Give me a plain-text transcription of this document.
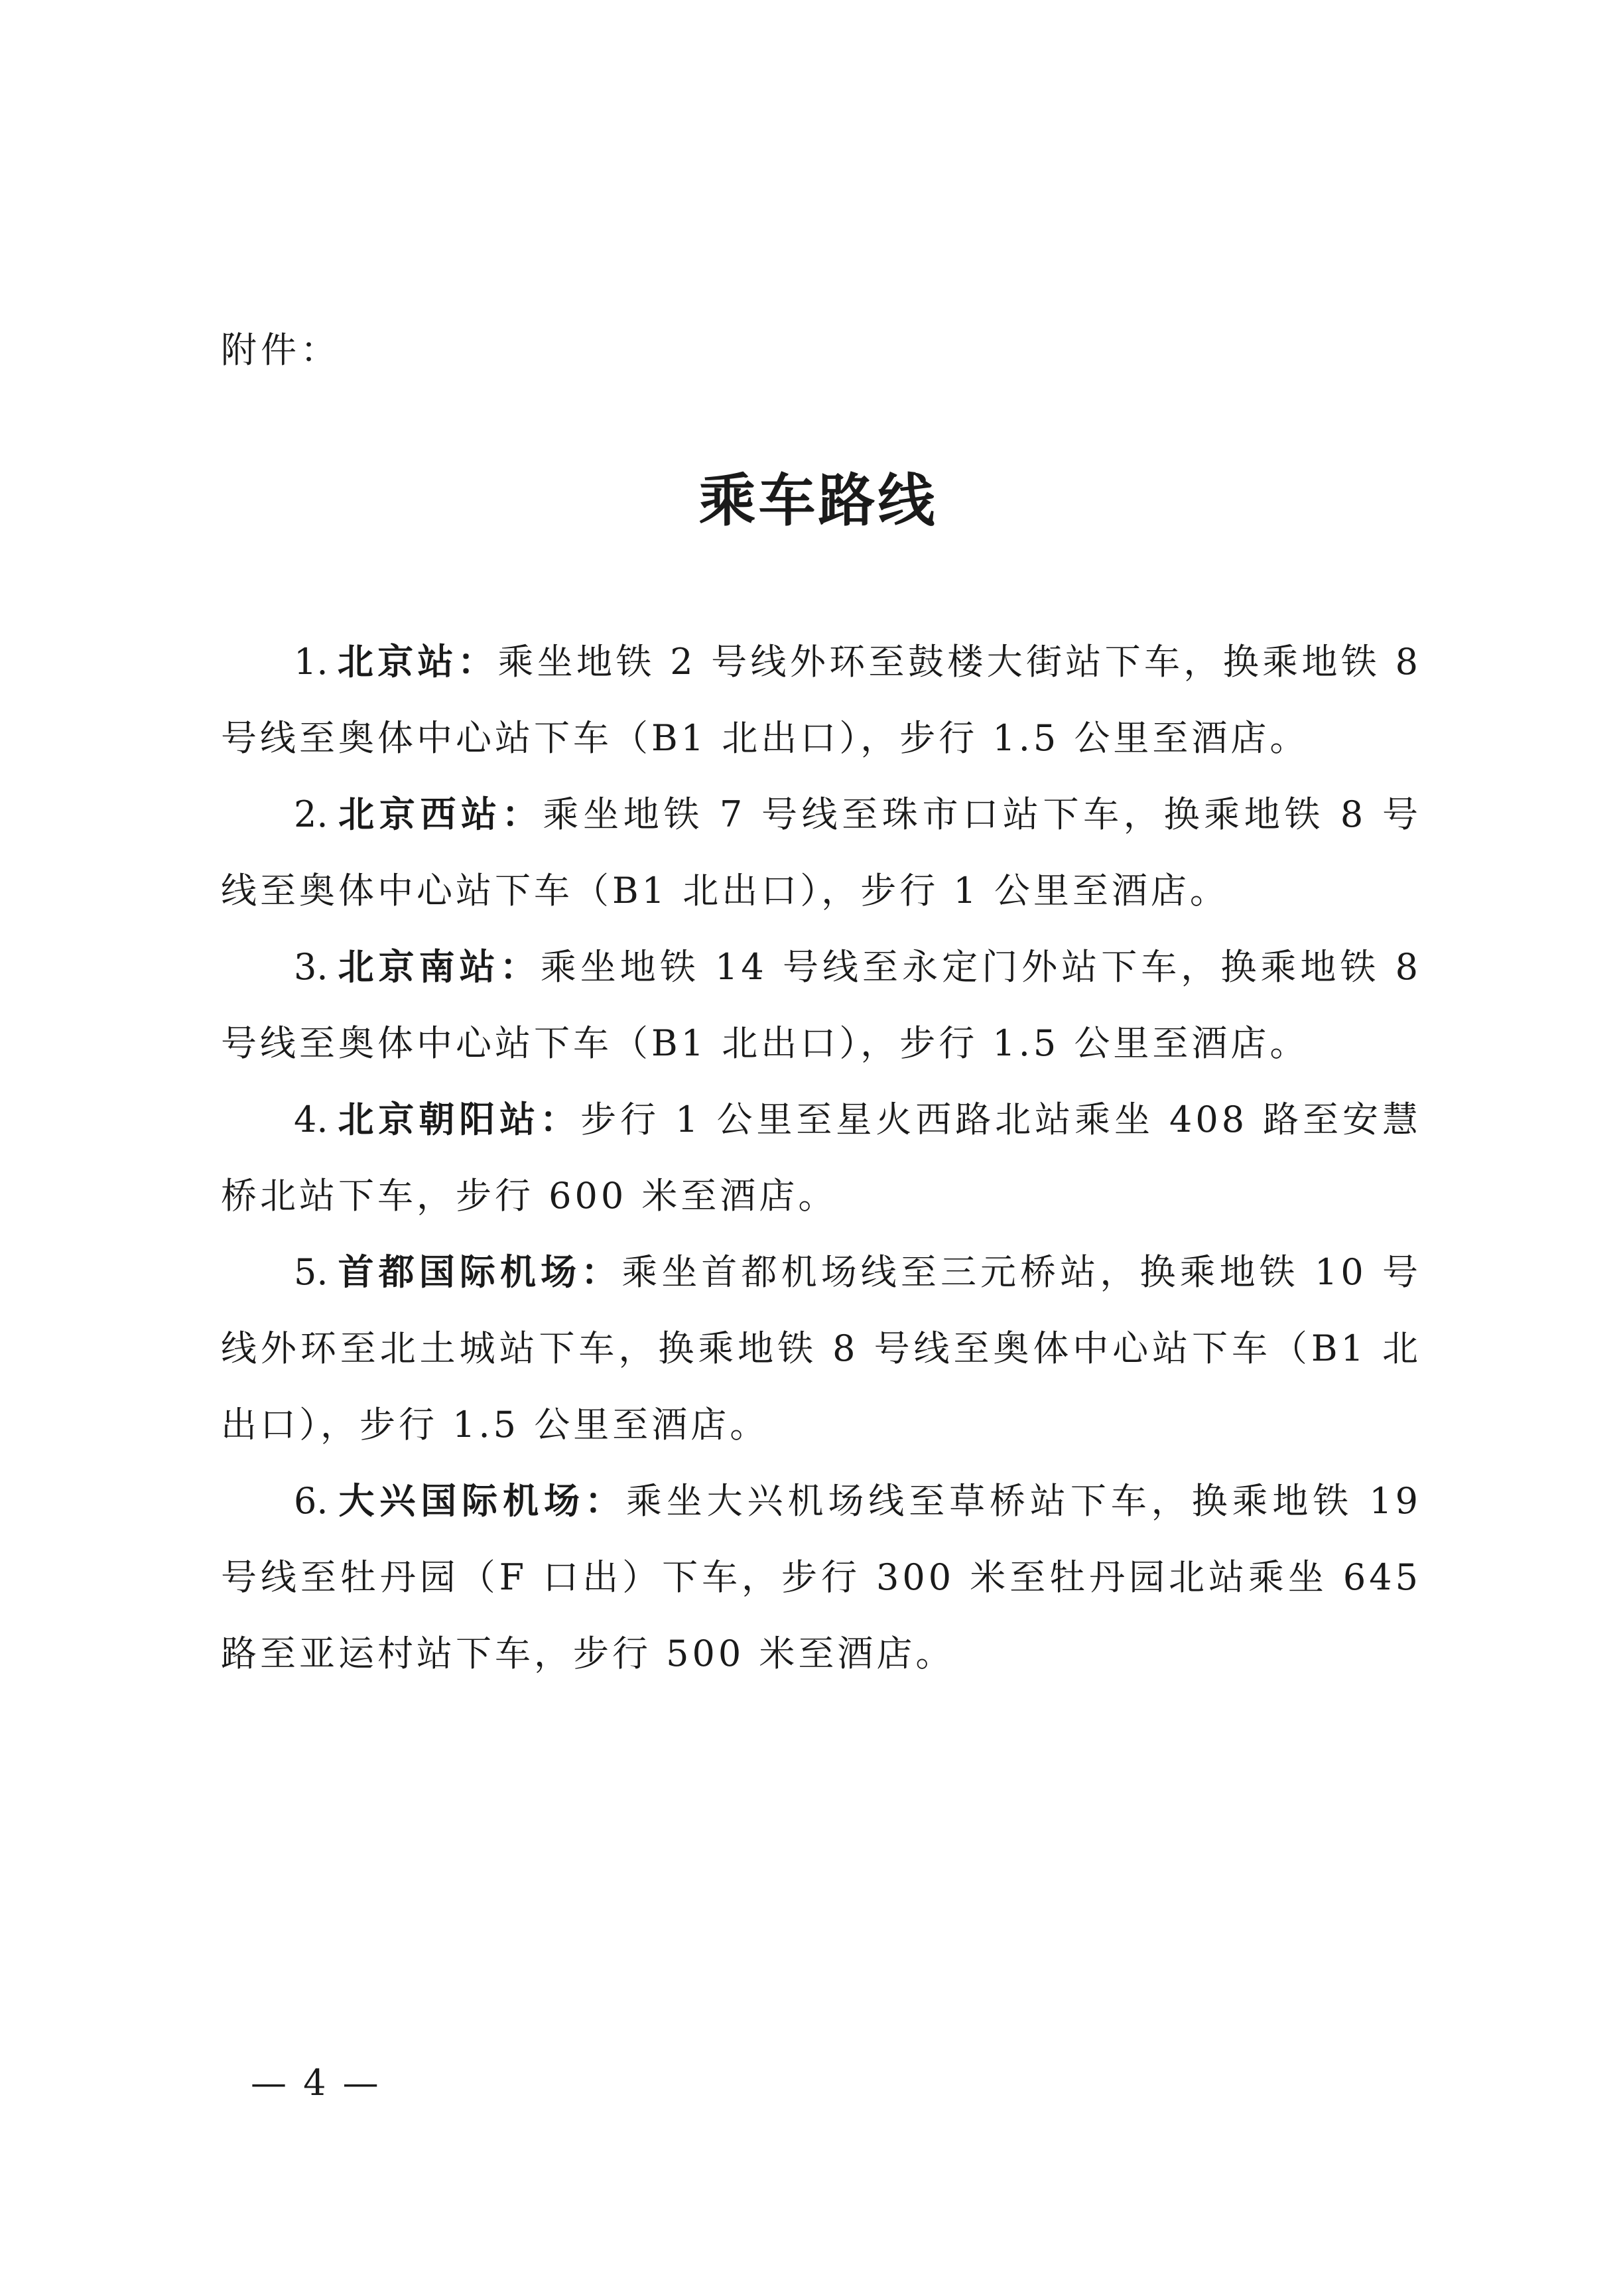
附件：
乘车路线
1. 北京站：乘坐地铁 2 号线外环至鼓楼大街站下车，换乘地铁 8 号线至奥体中心站下车（B1 北出口），步行 1.5 公里至酒店。
2. 北京西站：乘坐地铁 7 号线至珠市口站下车，换乘地铁 8 号线至奥体中心站下车（B1 北出口），步行 1 公里至酒店。
3. 北京南站：乘坐地铁 14 号线至永定门外站下车，换乘地铁 8 号线至奥体中心站下车（B1 北出口），步行 1.5 公里至酒店。
4. 北京朝阳站：步行 1 公里至星火西路北站乘坐 408 路至安慧桥北站下车，步行 600 米至酒店。
5. 首都国际机场：乘坐首都机场线至三元桥站，换乘地铁 10 号线外环至北土城站下车，换乘地铁 8 号线至奥体中心站下车（B1 北出口），步行 1.5 公里至酒店。
6. 大兴国际机场：乘坐大兴机场线至草桥站下车，换乘地铁 19 号线至牡丹园（F 口出）下车，步行 300 米至牡丹园北站乘坐 645 路至亚运村站下车，步行 500 米至酒店。
— 4 —
